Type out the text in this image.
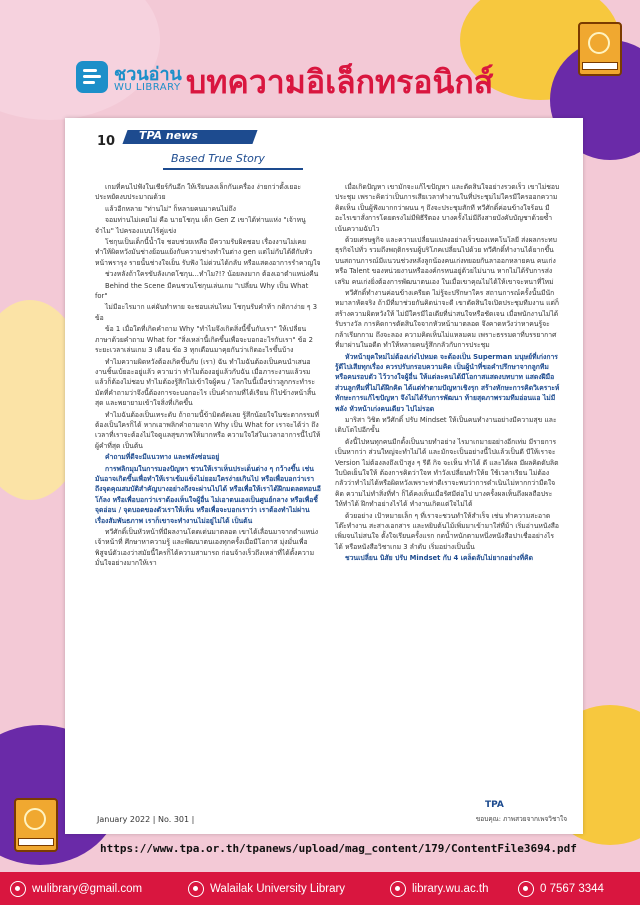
ชวนอ่าน
WU LIBRARY บทความอิเล็กทรอนิกส์
10 TPA news
Based True Story

เกมที่คนไปฟังในเชียร์กันอีก ให้เรียนลงเล็กกันเครื่อง ง่ายกว่าตั้งเยอะ ประหยัดงบประมาณด้วย

แล้วอีกหลาย "ท่านไม่" ก็หลายคนมาคนไม่ถึง

จอมท่านไม่เคยไม่ คือ นายโชกุน เด็ก Gen Z เขาได้ท่านแห่ง "เจ้าหนูจำไม" ไปครองแบบไร้คู่แข่ง

โชกุนเป็นเด็กนี้น้ำใจ ชอบช่วยเหลือ มีความรับผิดชอบ เรื่องงานไม่เคยทำให้ผิดหวังมันช่างย้อนแย้งกับความช่างทำในต่าง gen แต่ไม่กับได้ดีกับหัวหน้าพรารุง รายนั้นช่างใจเย็น รับฟัง ไม่ด่วนได้กลับ หรือแสดงอาการรำคาญใจ

ช่วงหลังถ้าใครขับลังเกตโชกุน...ทำไม?!? น้อยลงมาก ต้องเอาตำแหน่งคืน

Behind the Scene มีคนชวนโชกุนเล่นเกม "เปลี่ยน Why เป็น What for"

ไม่มีอะไรมาก แค่ผันทำหาย จะชอบเล่นไหม โชกุนรับคำท้า กติกาง่าย ๆ 3 ข้อ

ข้อ 1 เมื่อใดที่เกิดคำถาม Why "ทำไมจึงเกิดสิ่งนี้ขึ้นกับเรา" ให้เปลี่ยนภาษาด้วยคำถาม What for "สิ่งเหล่านี้เกิดขึ้นเพื่อจะบอกอะไรกับเรา" ข้อ 2 ระยะเวลาเล่นเกม 3 เดือน ข้อ 3 ทุกเดือนมาคุยกันว่าเกิดอะไรขึ้นบ้าง

ทำไมความผิดหวังต้องเกิดขึ้นกับ (เรา) ฉัน ทำไมฉันต้องเป็นคนนำเสนองานชิ้นเบ้ยอะอยู่แล้ว ความว่า ทำไมต้องอยู่แล้วกับฉัน เมื่อภาระงานแล้วรมแล้วก็ต้องไม่ชอบ ทำไมต้องรู้สึกไม่เข้าใจผู้คน / โลกในนี้เมื่อข่าวลูกกระทำระมัดที่คำถามว่าจึงนี้ต้องการจะบอกอะไร เป็นคำถามที่ได้เรียน ก็ไปข้างหน้าสิ้นสุด และพยายามเข้าใจสิ่งที่เกิดขึ้น

ทำไมฉันต้องเป็นเทระดับ ถ้าถามนี้ข้ามิดตัดเลย รู้สึกน้อยใจในชะตากรรมที่ต้องเป็นใครก็ได้ หากเอาพลิกคำถามจาก Why เป็น What for เราจะได้ว่า ถึงเวลาที่เราจะต้องไม่ใจดูแลสุขภาพให้มากหรือ ความใจใส่ในเวลาอาการนี้ไปให้ผู้คำที่สุด เป็นต้น

คำถามที่ดีจะมีแนวทาง และพลังซ่อนอยู่

การพลิกมุมในการมองปัญหา ชวนให้เราเห็นประเด็นต่าง ๆ กว้างขึ้น เช่น มันอาจเกิดขึ้นเพื่อทำให้เราเข้มแข็งไม่ยอมใครง่ายเกินไป หรือเพื่อบอกว่าเราถึงจุดคุณสมบัติสำคัญบางอย่างถึงจะผ่านไปได้ หรือเพื่อให้เราได้ฝึกมดลดทอนอีโก้ลง หรือเพื่อบอกว่าเราต้องเห็นใจผู้อื่น ไม่เอาตนเองเป็นศูนย์กลาง หรือเพื่อชี้จุดอ่อน / จุดบอดของตัวเราให้เห็น หรือเพื่อจะบอกเราว่า เราต้องทำไม่ผ่านเรื่องสัมพันธภาพ เราก็เขาจะทำงานไม่อยู่ไม่ได้ เป็นต้น

ทวีศักดิ์เป็นหัวหน้าที่มีผลงานโดดเด่นมาตลอด เขาได้เลื่อนมาจากตำแหน่งเจ้าหน้าที่ ศึกษาหาความรู้ และพัฒนาตนเองทุกครั้งเมื่อมีโอกาส มุ่งมั่นเพื่อพิสูจน์ตัวเองว่าสมัยนี้ใครก็ได้ความสามารถ ก่อนจ้างเร็วถึงเหล่าที่ได้ตั้งความมั่นใจอย่างมากให้เรา

เมื่อเกิดปัญหา เขามักจะแก้ไขปัญหา และตัดสินใจอย่างรวดเร็ว เขาไม่ชอบประชุม เพราะคิดว่าเป็นการเสียเวลาทำงานในที่ประชุมไม่ใครมีใครออกความคิดเห็น เป็นผู้ฟังมากกว่าผนน ๆ ถึงจะประชุมสักที ทวีศักดิ์ค่อนข้างใจร้อน มีอะไรเขาสั่งการโดยตรงไม่มีพิธีรีตอง บางครั้งไม่มีถึงสายบังคับบัญชาด้วยซ้ำเน้นความฉับไว

ด้วยเศรษฐกิจ และความเปลี่ยนแปลงอย่างเร็วของเทคโนโลยี ส่งผลกระทบธุรกิจไปทั่ว รวมถึงพฤติกรรมผู้บริโภคเปลี่ยนไปด้วย ทวีศักดิ์ทำงานได้ยากขึ้นบนสถานการณ์มีแนวนช่วงหลังลูกน้องคนเก่งทยอยกันลาออกหลายคน คนเก่ง หรือ Talent ของหน่วยงานหรือองค์กรหนอยู่ด้วยไม่นาน หากไม่ได้รับการส่งเสริม คนเก่งยิ่งต้องการพัฒนาตนเอง ในเมื่อเขาคุณไม่ได้ให้เขาจะหนาที่ใหม่

ทวีศักดิ์ทำงานค่อนข้างเครียด ไม่รู้จะปรึกษาใคร สถานการณ์ครั้งนั้นมีนักหมาลาหัดจริง ถ้ามีที่มาช่วยกันคิดน่าจะดี เขาตัดสินใจเปิดประชุมทีมงาน แต่ก็สร้างความผิดหวังให้ ไม่มีใครมีไอเดียที่น่าสนใจหรือชัดเจน เมื่อพนักงานไม่ได้รับรางวัล การคิดการตัดสินใจจากหัวหน้ามาตลอด จึงคาดหวังว่าหาคนรู้จะกล้าเรียกกาม ถึงจะลอง ความคิดเห็นไม่แหลมคม เพราะธรรมดาที่บรรยากาศที่มาผ่านในอดีต ทำให้หลายคนรู้สึกกลัวกับการประชุม

หัวหน้ายุคใหม่ไม่ต้องเก่งไปหมด จะต้องเป็น Superman มนุษย์ที่เก่งการ รู้ดีไปเสียทุกเรื่อง ควรปรับกรอบความคิด เป็นผู้นำที่ขอคำปรึกษาจากลูกทีมหรือคนรอบตัว ไว้วางใจผู้อื่น ให้แต่ละคนได้มีโอกาสแสดงบทบาท แสดงฝีมือ ส่วนลูกทีมที่ไม่ได้ฝึกคิด ได้แต่ทำตามปัญหาเชิงรุก สร้างทักษะการคิดวิเคราะห์ ทักษะการแก้ไขปัญหา จึงไม่ได้รับการพัฒนา ท้ายสุดภาพรวมทีมอ่อนแอ ไม่มีพลัง หัวหน้าเก่งคนเดียว ไปไม่รอด

มาริสา วิชิต ทวีศักดิ์ ปรับ Mindset ให้เป็นคนทำงานอย่างมีความสุข และเติบโตไปอีกขั้น

ดังนี้ไปหนทุกคนมีกดั้งเป็นนายทำอย่าง ไรมาเกมายอย่างอีกเท่ม มีรายการเป็นหากว่า ส่วนใหญ่จะทำไม่ได้ และมักจะเป็นอย่างนี้ไปแล้วเป็นดี บีให้เราจะ Version ไม่ต้องลงถึงเป้าสูง ๆ รีดี กิจ จะเห็น ทำได้ ดี และได้ผล มีผลคิดดับลิต ใบบิดเย็นใจให้ ต้องการคิดว่าใจท ทำวังเปลี่ยนทำให้ย ใช้เวลาเรียน ไม่ต้องกลัวว่าทำไม่ได้หรือผิดหวังเพราะท่าดีเราจะพบว่าการดำเนินไม่หากกว่ามืดใจคิด ความไม่ทำสิ่งที่ทำ ก็ได้คงเห็นเมื่อรัศมีต่อไป บางครั้งผลเห็นถึงผลถือประ ให้ทำได้ ฝึกทำอย่างไรได้ ทำงานเกิดแต่ใจไม่ได้

ด้วยอย่าง เป้าหมายเล็ก ๆ ที่เราจะชวนทำให้สำเร็จ เช่น ทำความสะอาดโต๊ะทำงาน สะสางเอกสาร และหยิบต้นไม้เพิ่มมาเข้ามาใส่ที่ม้า เริ่มอ่านหนังสือเพิ่มจนไม่สนใจ ตั้งใจเรียนครั้งแรก กดน้ำหนักตามหนึ่งหนังสือปาเชื่ออย่างไรได้ หรือหนังสือวิชาเกม 3 ลำดับ เริ่มอย่างเป็นนั้น

ชวนเปลี่ยน นิสัย ปรับ Mindset กับ 4 เคล็ดลับไม่ยากอย่างที่คิด

TPA
January 2022 | No. 301 |	ขอบคุณ: ภาพสวยจากเพจวิชาใจ
https://www.tpa.or.th/tpanews/upload/mag_content/179/ContentFile3694.pdf
wulibrary@gmail.com	Walailak University Library	library.wu.ac.th	0 7567 3344
